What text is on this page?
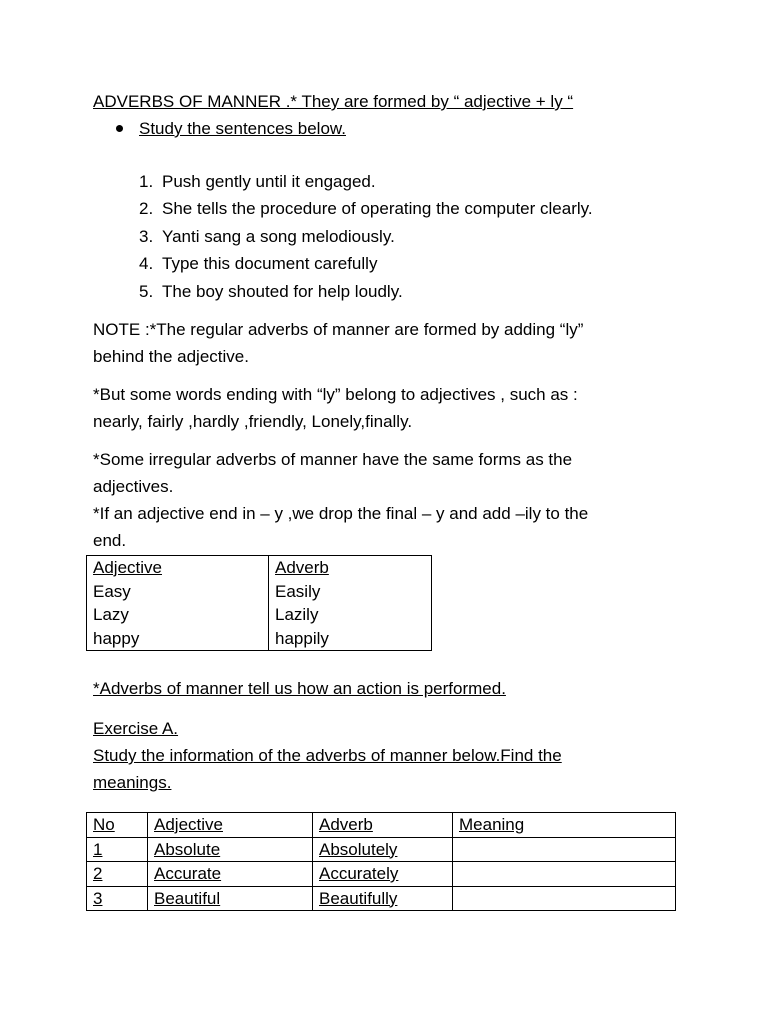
ADVERBS OF MANNER .* They are formed by “ adjective + ly “

Study the sentences below.
1. Push gently until it engaged.
2. She tells the procedure of operating the computer clearly.
3. Yanti sang a song melodiously.
4. Type this document carefully
5. The boy shouted for help loudly.

NOTE :*The regular adverbs of manner are formed by adding “ly”

behind the adjective.

*But some words ending with “ly” belong to adjectives , such as :

nearly, fairly ,hardly ,friendly, Lonely,finally.

*Some irregular adverbs of manner have the same forms as the

adjectives.

*If an adjective end in – y ,we drop the final – y and add –ily to the

end.

Adjective	Adverb
Easy	Easily
Lazy	Lazily
happy	happily

*Adverbs of manner tell us how an action is performed.

Exercise A.

Study the information of the adverbs of manner below.Find the

meanings.

No	Adjective	Adverb	Meaning
1	Absolute	Absolutely	
2	Accurate	Accurately	
3	Beautiful	Beautifully	
